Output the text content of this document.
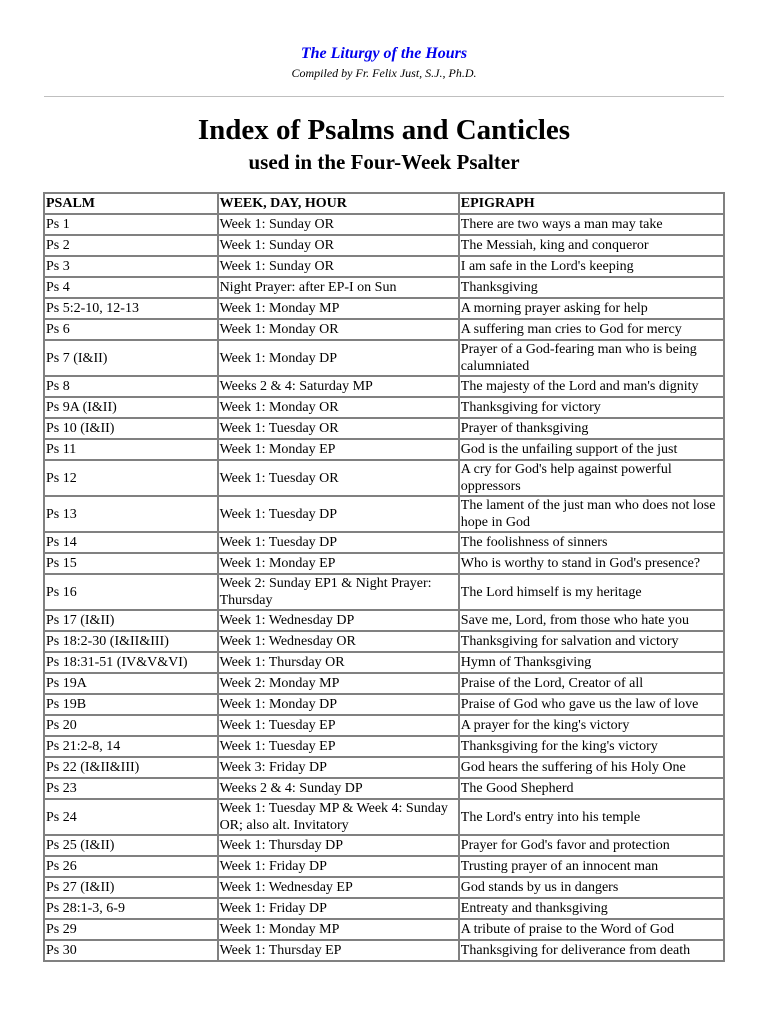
The Liturgy of the Hours
Compiled by Fr. Felix Just, S.J., Ph.D.
Index of Psalms and Canticles
used in the Four-Week Psalter
PSALM	WEEK, DAY, HOUR	EPIGRAPH
Ps 1	Week 1: Sunday OR	There are two ways a man may take
Ps 2	Week 1: Sunday OR	The Messiah, king and conqueror
Ps 3	Week 1: Sunday OR	I am safe in the Lord's keeping
Ps 4	Night Prayer: after EP-I on Sun	Thanksgiving
Ps 5:2-10, 12-13	Week 1: Monday MP	A morning prayer asking for help
Ps 6	Week 1: Monday OR	A suffering man cries to God for mercy
Ps 7 (I&II)	Week 1: Monday DP	Prayer of a God-fearing man who is being calumniated
Ps 8	Weeks 2 & 4: Saturday MP	The majesty of the Lord and man's dignity
Ps 9A (I&II)	Week 1: Monday OR	Thanksgiving for victory
Ps 10 (I&II)	Week 1: Tuesday OR	Prayer of thanksgiving
Ps 11	Week 1: Monday EP	God is the unfailing support of the just
Ps 12	Week 1: Tuesday OR	A cry for God's help against powerful oppressors
Ps 13	Week 1: Tuesday DP	The lament of the just man who does not lose hope in God
Ps 14	Week 1: Tuesday DP	The foolishness of sinners
Ps 15	Week 1: Monday EP	Who is worthy to stand in God's presence?
Ps 16	Week 2: Sunday EP1 & Night Prayer: Thursday	The Lord himself is my heritage
Ps 17 (I&II)	Week 1: Wednesday DP	Save me, Lord, from those who hate you
Ps 18:2-30 (I&II&III)	Week 1: Wednesday OR	Thanksgiving for salvation and victory
Ps 18:31-51 (IV&V&VI)	Week 1: Thursday OR	Hymn of Thanksgiving
Ps 19A	Week 2: Monday MP	Praise of the Lord, Creator of all
Ps 19B	Week 1: Monday DP	Praise of God who gave us the law of love
Ps 20	Week 1: Tuesday EP	A prayer for the king's victory
Ps 21:2-8, 14	Week 1: Tuesday EP	Thanksgiving for the king's victory
Ps 22 (I&II&III)	Week 3: Friday DP	God hears the suffering of his Holy One
Ps 23	Weeks 2 & 4: Sunday DP	The Good Shepherd
Ps 24	Week 1: Tuesday MP & Week 4: Sunday OR; also alt. Invitatory	The Lord's entry into his temple
Ps 25 (I&II)	Week 1: Thursday DP	Prayer for God's favor and protection
Ps 26	Week 1: Friday DP	Trusting prayer of an innocent man
Ps 27 (I&II)	Week 1: Wednesday EP	God stands by us in dangers
Ps 28:1-3, 6-9	Week 1: Friday DP	Entreaty and thanksgiving
Ps 29	Week 1: Monday MP	A tribute of praise to the Word of God
Ps 30	Week 1: Thursday EP	Thanksgiving for deliverance from death
